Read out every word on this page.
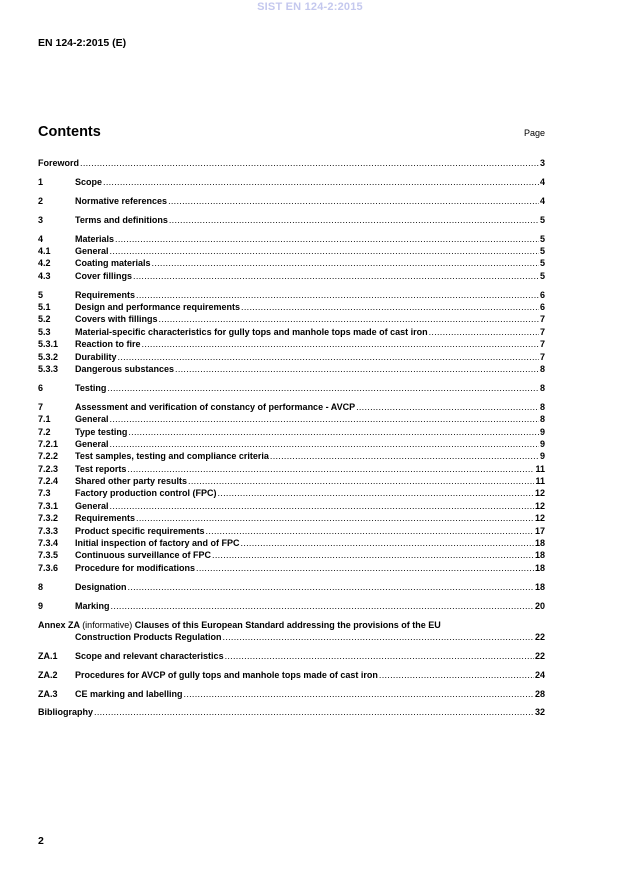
SIST EN 124-2:2015
EN 124-2:2015 (E)
Contents	Page
Foreword .....	3
1	Scope .....	4
2	Normative references .....	4
3	Terms and definitions .....	5
4	Materials .....	5
4.1	General .....	5
4.2	Coating materials .....	5
4.3	Cover fillings .....	5
5	Requirements .....	6
5.1	Design and performance requirements .....	6
5.2	Covers with fillings .....	7
5.3	Material-specific characteristics for gully tops and manhole tops made of cast iron .....	7
5.3.1	Reaction to fire .....	7
5.3.2	Durability .....	7
5.3.3	Dangerous substances .....	8
6	Testing .....	8
7	Assessment and verification of constancy of performance - AVCP .....	8
7.1	General .....	8
7.2	Type testing .....	9
7.2.1	General .....	9
7.2.2	Test samples, testing and compliance criteria .....	9
7.2.3	Test reports .....	11
7.2.4	Shared other party results .....	11
7.3	Factory production control (FPC) .....	12
7.3.1	General .....	12
7.3.2	Requirements .....	12
7.3.3	Product specific requirements .....	17
7.3.4	Initial inspection of factory and of FPC .....	18
7.3.5	Continuous surveillance of FPC .....	18
7.3.6	Procedure for modifications .....	18
8	Designation .....	18
9	Marking .....	20
Annex ZA (informative) Clauses of this European Standard addressing the provisions of the EU
Construction Products Regulation .....	22
ZA.1	Scope and relevant characteristics .....	22
ZA.2	Procedures for AVCP of gully tops and manhole tops made of cast iron .....	24
ZA.3	CE marking and labelling .....	28
Bibliography .....	32
2
